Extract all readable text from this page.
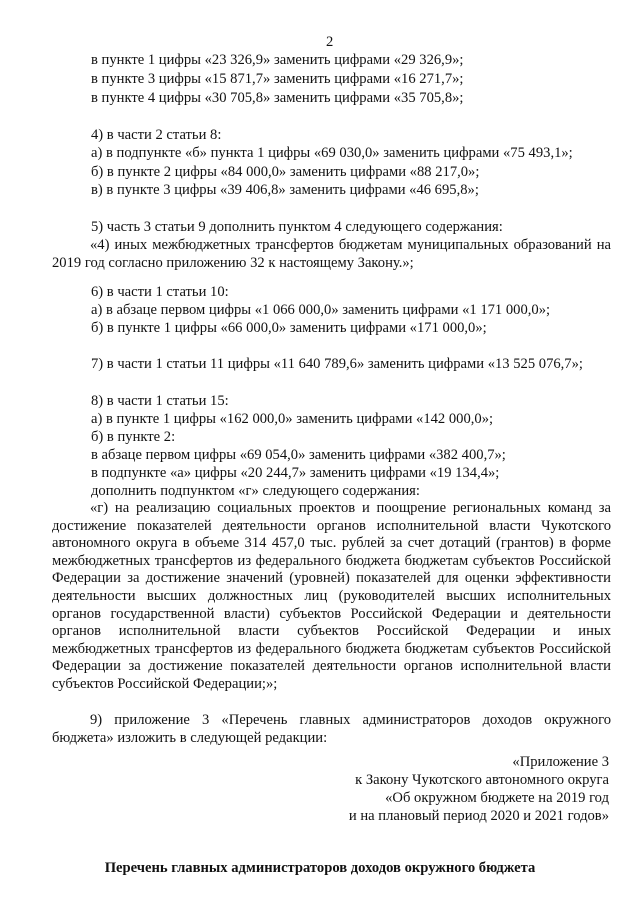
2
в пункте 1 цифры «23 326,9» заменить цифрами «29 326,9»;
в пункте 3 цифры «15 871,7» заменить цифрами «16 271,7»;
в пункте 4 цифры «30 705,8» заменить цифрами «35 705,8»;
4) в части 2 статьи 8:
а) в подпункте «б» пункта 1 цифры «69 030,0» заменить цифрами «75 493,1»;
б) в пункте 2 цифры «84 000,0» заменить цифрами «88 217,0»;
в) в пункте 3 цифры «39 406,8» заменить цифрами «46 695,8»;
5) часть 3 статьи 9 дополнить пунктом 4 следующего содержания:
«4) иных межбюджетных трансфертов бюджетам муниципальных образований на 2019 год согласно приложению 32 к настоящему Закону.»;
6) в части 1 статьи 10:
а) в абзаце первом цифры «1 066 000,0» заменить цифрами «1 171 000,0»;
б) в пункте 1 цифры «66 000,0» заменить цифрами «171 000,0»;
7) в части 1 статьи 11 цифры «11 640 789,6» заменить цифрами «13 525 076,7»;
8) в части 1 статьи 15:
а) в пункте 1 цифры «162 000,0» заменить цифрами «142 000,0»;
б) в пункте 2:
в абзаце первом цифры «69 054,0» заменить цифрами «382 400,7»;
в подпункте «а» цифры «20 244,7» заменить цифрами «19 134,4»;
дополнить подпунктом «г» следующего содержания:
«г) на реализацию социальных проектов и поощрение региональных команд за достижение показателей деятельности органов исполнительной власти Чукотского автономного округа в объеме 314 457,0 тыс. рублей за счет дотаций (грантов) в форме межбюджетных трансфертов из федерального бюджета бюджетам субъектов Российской Федерации за достижение значений (уровней) показателей для оценки эффективности деятельности высших должностных лиц (руководителей высших исполнительных органов государственной власти) субъектов Российской Федерации и деятельности органов исполнительной власти субъектов Российской Федерации и иных межбюджетных трансфертов из федерального бюджета бюджетам субъектов Российской Федерации за достижение показателей деятельности органов исполнительной власти субъектов Российской Федерации;»;
9) приложение 3 «Перечень главных администраторов доходов окружного бюджета» изложить в следующей редакции:
«Приложение 3
к Закону Чукотского автономного округа
«Об окружном бюджете на 2019 год
и на плановый период 2020 и 2021 годов»
Перечень главных администраторов доходов окружного бюджета
